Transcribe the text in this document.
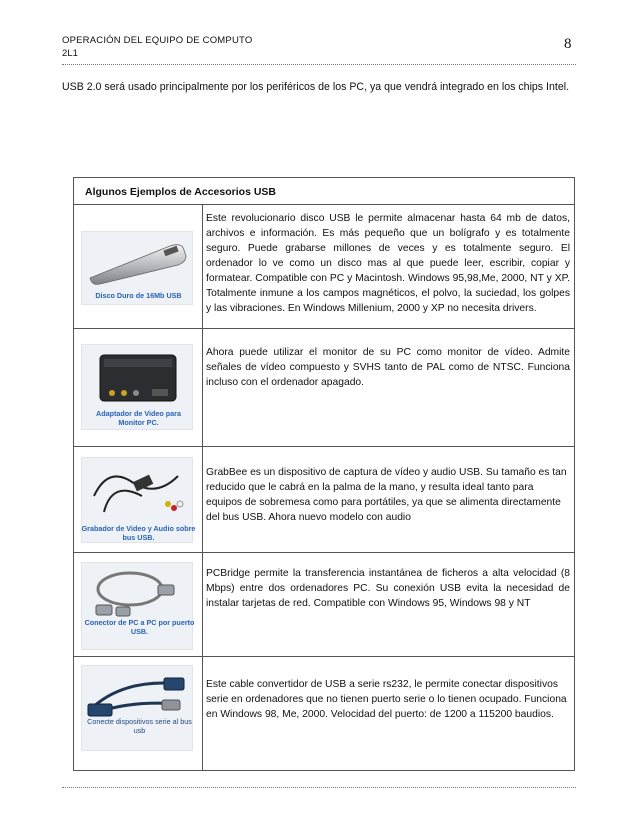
OPERACIÓN DEL EQUIPO DE COMPUTO
2L1
8
USB 2.0 será usado principalmente por los periféricos de los PC, ya que vendrá integrado en los chips Intel.
Algunos Ejemplos de Accesorios USB
Disco Duro de 16Mb USB
Este revolucionario disco USB le permite almacenar hasta 64 mb de datos, archivos e información. Es más pequeño que un bolígrafo y es totalmente seguro. Puede grabarse millones de veces y es totalmente seguro. El ordenador lo ve como un disco mas al que puede leer, escribir, copiar y formatear. Compatible con PC y Macintosh. Windows 95,98,Me, 2000, NT y XP. Totalmente inmune a los campos magnéticos, el polvo, la suciedad, los golpes y las vibraciones. En Windows Millenium, 2000 y XP no necesita drivers.
Adaptador de Video para Monitor PC.
Ahora puede utilizar el monitor de su PC como monitor de vídeo. Admite señales de vídeo compuesto y SVHS tanto de PAL como de NTSC. Funciona incluso con el ordenador apagado.
Grabador de Video y Audio sobre bus USB.
GrabBee es un dispositivo de captura de vídeo y audio USB. Su tamaño es tan reducido que le cabrá en la palma de la mano, y resulta ideal tanto para equipos de sobremesa como para portátiles, ya que se alimenta directamente del bus USB. Ahora nuevo modelo con audio
Conector de PC a PC por puerto USB.
PCBridge permite la transferencia instantánea de ficheros a alta velocidad (8 Mbps) entre dos ordenadores PC. Su conexión USB evita la necesidad de instalar tarjetas de red. Compatible con Windows 95, Windows 98 y NT
Conecte dispositivos serie al bus usb
Este cable convertidor de USB a serie rs232, le permite conectar dispositivos serie en ordenadores que no tienen puerto serie o lo tienen ocupado. Funciona en Windows 98, Me, 2000. Velocidad del puerto: de 1200 a 115200 baudios.
